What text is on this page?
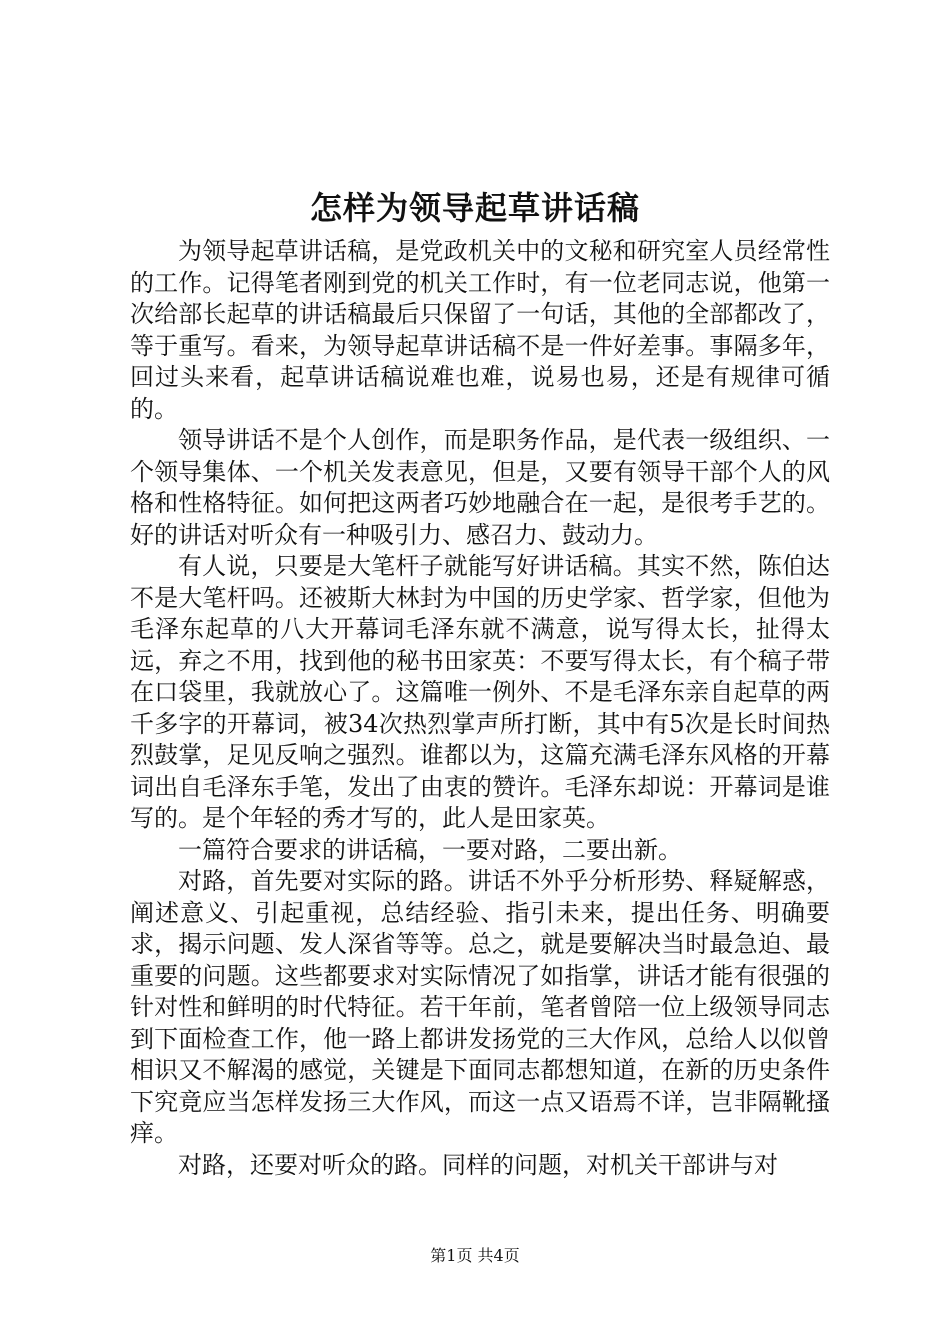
怎样为领导起草讲话稿

为领导起草讲话稿，是党政机关中的文秘和研究室人员经常性的工作。记得笔者刚到党的机关工作时，有一位老同志说，他第一次给部长起草的讲话稿最后只保留了一句话，其他的全部都改了，等于重写。看来，为领导起草讲话稿不是一件好差事。事隔多年，回过头来看，起草讲话稿说难也难，说易也易，还是有规律可循的。

领导讲话不是个人创作，而是职务作品，是代表一级组织、一个领导集体、一个机关发表意见，但是，又要有领导干部个人的风格和性格特征。如何把这两者巧妙地融合在一起，是很考手艺的。好的讲话对听众有一种吸引力、感召力、鼓动力。

有人说，只要是大笔杆子就能写好讲话稿。其实不然，陈伯达不是大笔杆吗。还被斯大林封为中国的历史学家、哲学家，但他为毛泽东起草的八大开幕词毛泽东就不满意，说写得太长，扯得太远，弃之不用，找到他的秘书田家英：不要写得太长，有个稿子带在口袋里，我就放心了。这篇唯一例外、不是毛泽东亲自起草的两千多字的开幕词，被34次热烈掌声所打断，其中有5次是长时间热烈鼓掌，足见反响之强烈。谁都以为，这篇充满毛泽东风格的开幕词出自毛泽东手笔，发出了由衷的赞许。毛泽东却说：开幕词是谁写的。是个年轻的秀才写的，此人是田家英。

一篇符合要求的讲话稿，一要对路，二要出新。

对路，首先要对实际的路。讲话不外乎分析形势、释疑解惑，阐述意义、引起重视，总结经验、指引未来，提出任务、明确要求，揭示问题、发人深省等等。总之，就是要解决当时最急迫、最重要的问题。这些都要求对实际情况了如指掌，讲话才能有很强的针对性和鲜明的时代特征。若干年前，笔者曾陪一位上级领导同志到下面检查工作，他一路上都讲发扬党的三大作风，总给人以似曾相识又不解渴的感觉，关键是下面同志都想知道，在新的历史条件下究竟应当怎样发扬三大作风，而这一点又语焉不详，岂非隔靴搔痒。

对路，还要对听众的路。同样的问题，对机关干部讲与对

第1页 共4页
